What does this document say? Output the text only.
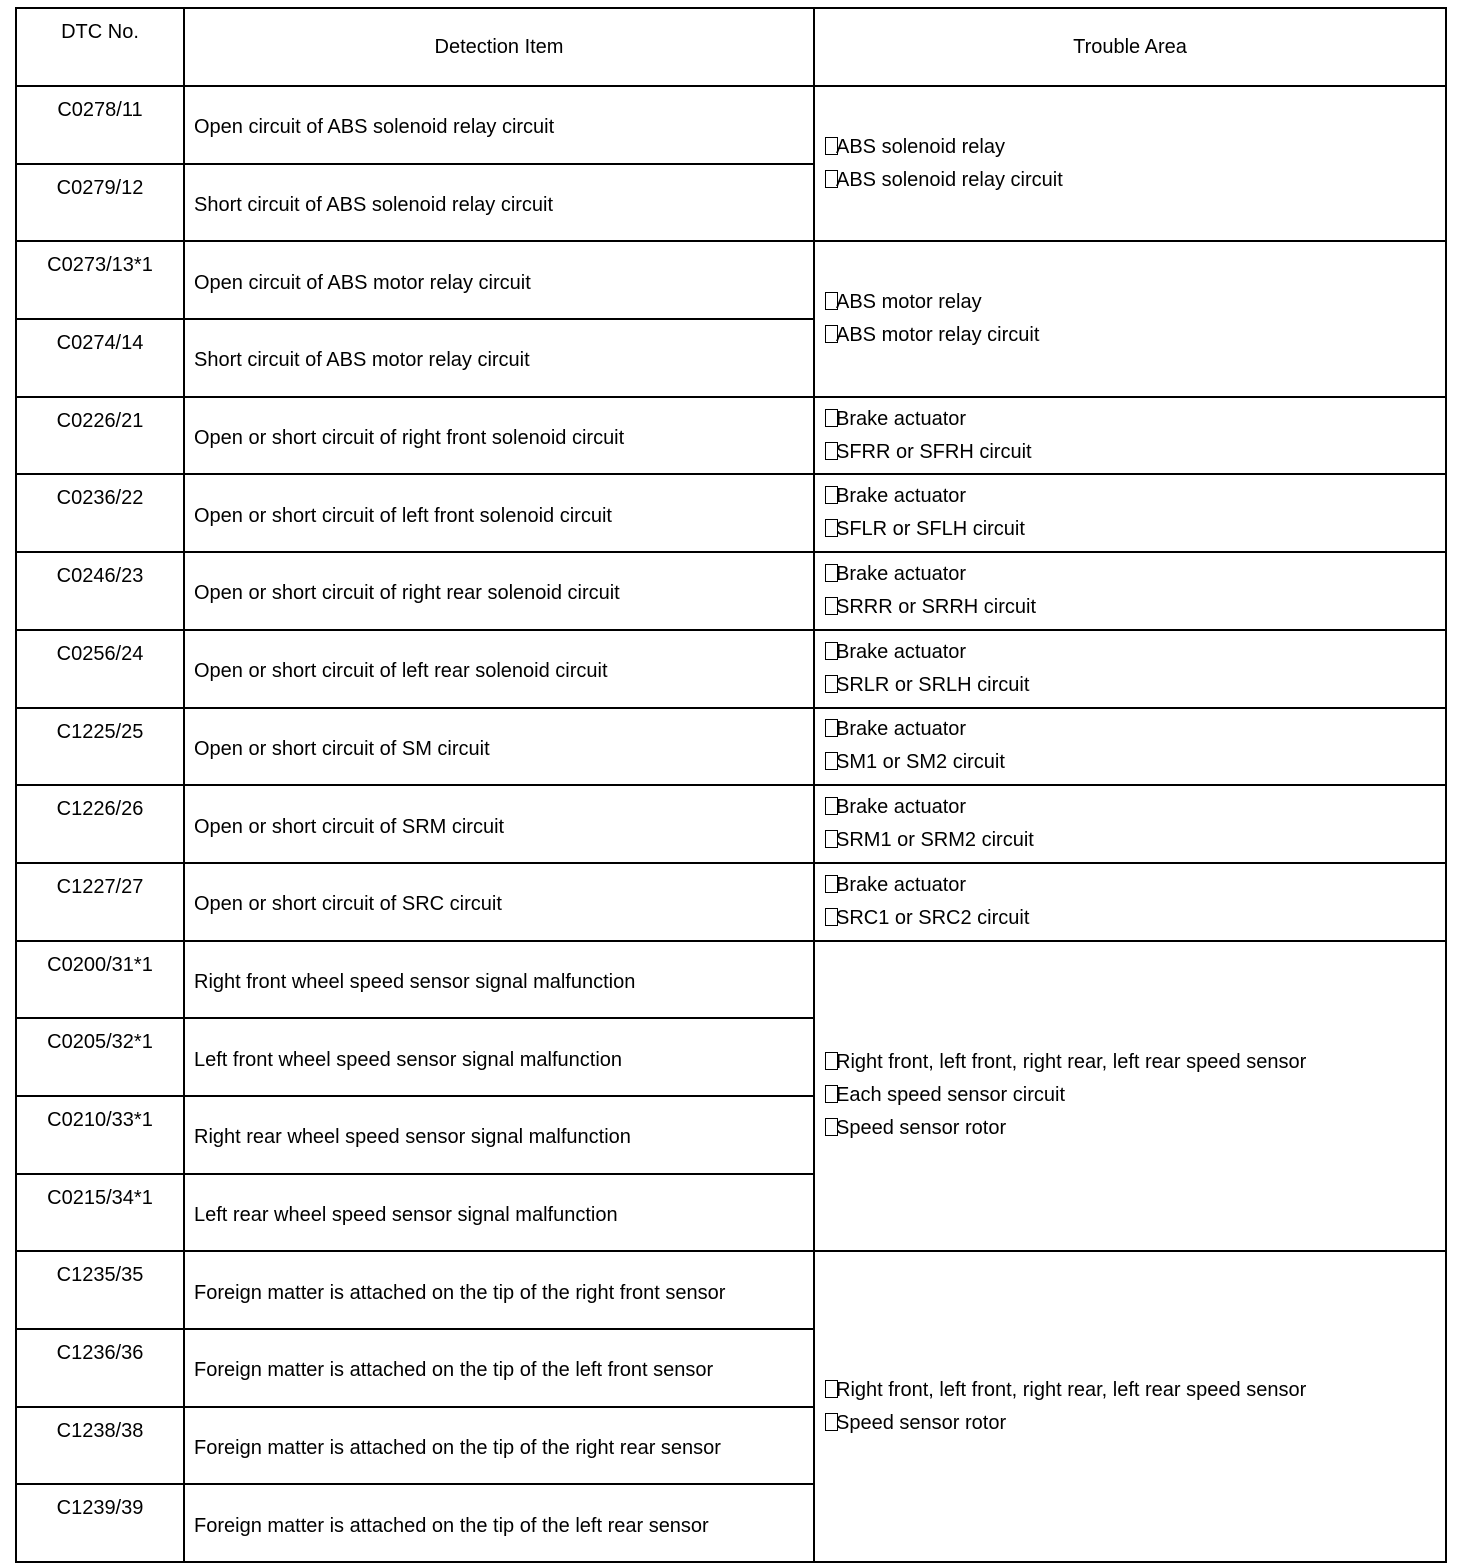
DTC No.	Detection Item	Trouble Area
C0278/11	Open circuit of ABS solenoid relay circuit	ABS solenoid relay
ABS solenoid relay circuit

C0279/12	Short circuit of ABS solenoid relay circuit	
C0273/13*1	Open circuit of ABS motor relay circuit	ABS motor relay
ABS motor relay circuit

C0274/14	Short circuit of ABS motor relay circuit	
C0226/21	Open or short circuit of right front solenoid circuit	Brake actuator
SFRR or SFRH circuit

C0236/22	Open or short circuit of left front solenoid circuit	Brake actuator
SFLR or SFLH circuit

C0246/23	Open or short circuit of right rear solenoid circuit	Brake actuator
SRRR or SRRH circuit

C0256/24	Open or short circuit of left rear solenoid circuit	Brake actuator
SRLR or SRLH circuit

C1225/25	Open or short circuit of SM circuit	Brake actuator
SM1 or SM2 circuit

C1226/26	Open or short circuit of SRM circuit	Brake actuator
SRM1 or SRM2 circuit

C1227/27	Open or short circuit of SRC circuit	Brake actuator
SRC1 or SRC2 circuit

C0200/31*1	Right front wheel speed sensor signal malfunction	Right front, left front, right rear, left rear speed sensor
Each speed sensor circuit
Speed sensor rotor

C0205/32*1	Left front wheel speed sensor signal malfunction	
C0210/33*1	Right rear wheel speed sensor signal malfunction	
C0215/34*1	Left rear wheel speed sensor signal malfunction	
C1235/35	Foreign matter is attached on the tip of the right front sensor	Right front, left front, right rear, left rear speed sensor
Speed sensor rotor

C1236/36	Foreign matter is attached on the tip of the left front sensor	
C1238/38	Foreign matter is attached on the tip of the right rear sensor	
C1239/39	Foreign matter is attached on the tip of the left rear sensor	
